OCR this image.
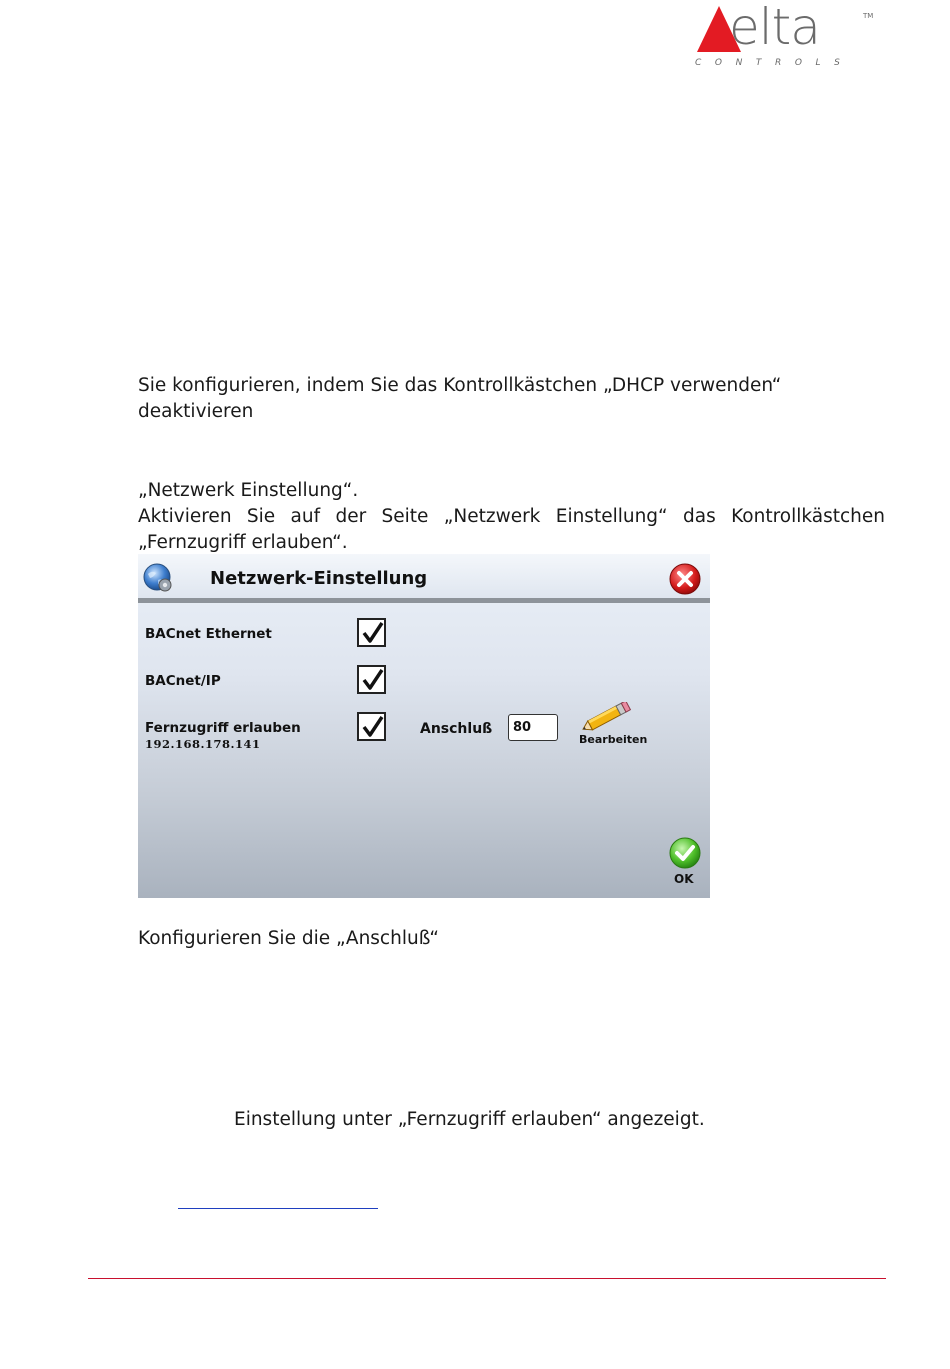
elta	TM
CONTROLS

Sie konfigurieren, indem Sie das Kontrollkästchen „DHCP verwenden“ deaktivieren

„Netzwerk Einstellung“.

Aktivieren Sie auf der Seite „Netzwerk Einstellung“ das Kontrollkästchen

„Fernzugriff erlauben“.

Netzwerk-Einstellung
BACnet Ethernet
BACnet/IP
Fernzugriff erlauben
192.168.178.141
Anschluß
80
Bearbeiten
OK

Konfigurieren Sie die „Anschluß“

Einstellung unter „Fernzugriff erlauben“ angezeigt.
